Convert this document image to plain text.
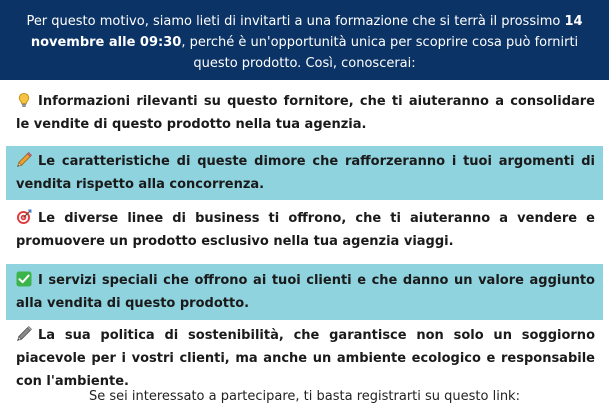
Per questo motivo, siamo lieti di invitarti a una formazione che si terrà il prossimo 14 novembre alle 09:30, perché è un'opportunità unica per scoprire cosa può fornirti questo prodotto. Così, conoscerai:
Informazioni rilevanti su questo fornitore, che ti aiuteranno a consolidare le vendite di questo prodotto nella tua agenzia.
Le caratteristiche di queste dimore che rafforzeranno i tuoi argomenti di vendita rispetto alla concorrenza.
Le diverse linee di business ti offrono, che ti aiuteranno a vendere e promuovere un prodotto esclusivo nella tua agenzia viaggi.
I servizi speciali che offrono ai tuoi clienti e che danno un valore aggiunto alla vendita di questo prodotto.
La sua politica di sostenibilità, che garantisce non solo un soggiorno piacevole per i vostri clienti, ma anche un ambiente ecologico e responsabile con l'ambiente.
Se sei interessato a partecipare, ti basta registrarti su questo link:
